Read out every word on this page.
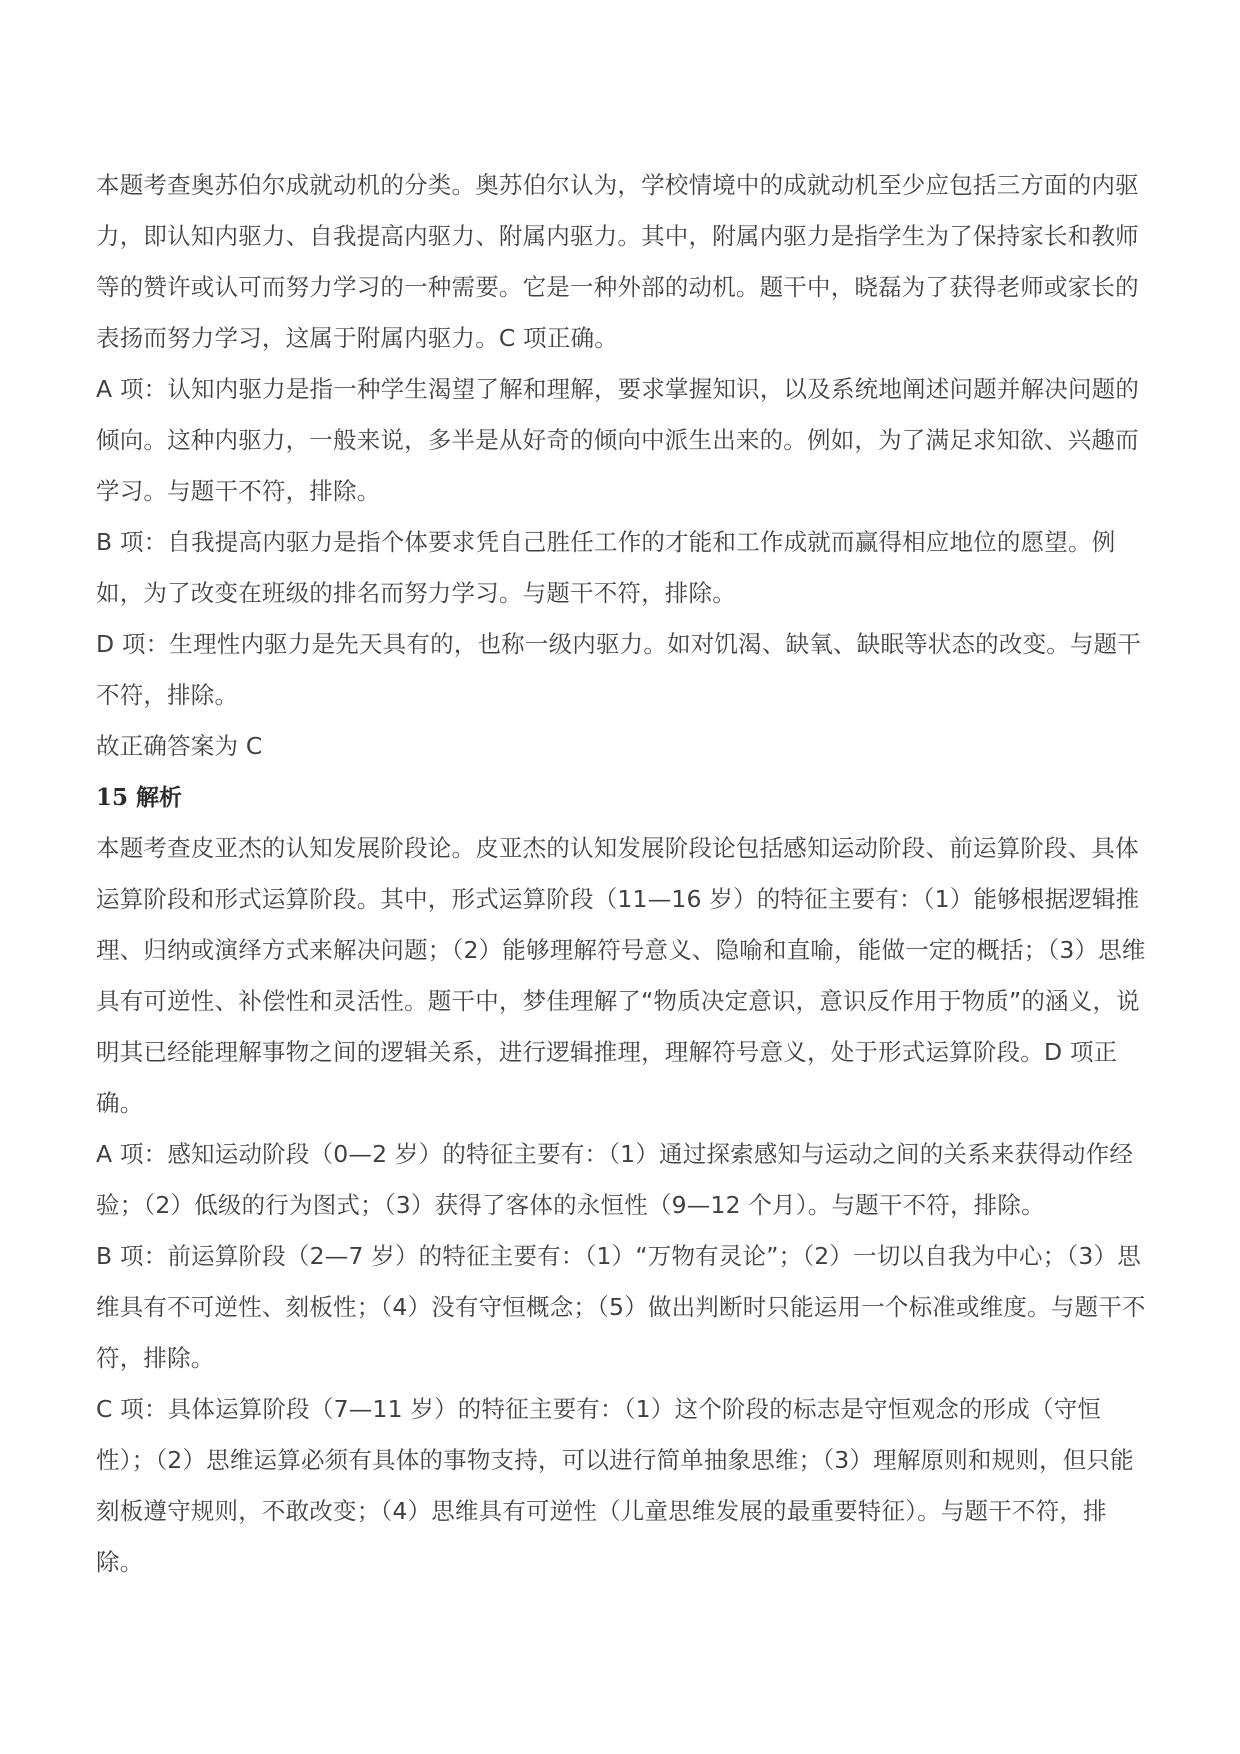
本题考查奥苏伯尔成就动机的分类。奥苏伯尔认为，学校情境中的成就动机至少应包括三方面的内驱力，即认知内驱力、自我提高内驱力、附属内驱力。其中，附属内驱力是指学生为了保持家长和教师等的赞许或认可而努力学习的一种需要。它是一种外部的动机。题干中，晓磊为了获得老师或家长的表扬而努力学习，这属于附属内驱力。C 项正确。

A 项：认知内驱力是指一种学生渴望了解和理解，要求掌握知识，以及系统地阐述问题并解决问题的倾向。这种内驱力，一般来说，多半是从好奇的倾向中派生出来的。例如，为了满足求知欲、兴趣而学习。与题干不符，排除。

B 项：自我提高内驱力是指个体要求凭自己胜任工作的才能和工作成就而赢得相应地位的愿望。例如，为了改变在班级的排名而努力学习。与题干不符，排除。

D 项：生理性内驱力是先天具有的，也称一级内驱力。如对饥渴、缺氧、缺眠等状态的改变。与题干不符，排除。

故正确答案为 C

15 解析

本题考查皮亚杰的认知发展阶段论。皮亚杰的认知发展阶段论包括感知运动阶段、前运算阶段、具体运算阶段和形式运算阶段。其中，形式运算阶段（11—16 岁）的特征主要有：（1）能够根据逻辑推理、归纳或演绎方式来解决问题；（2）能够理解符号意义、隐喻和直喻，能做一定的概括；（3）思维具有可逆性、补偿性和灵活性。题干中，梦佳理解了“物质决定意识，意识反作用于物质”的涵义，说明其已经能理解事物之间的逻辑关系，进行逻辑推理，理解符号意义，处于形式运算阶段。D 项正确。

A 项：感知运动阶段（0—2 岁）的特征主要有：（1）通过探索感知与运动之间的关系来获得动作经验；（2）低级的行为图式；（3）获得了客体的永恒性（9—12 个月）。与题干不符，排除。

B 项：前运算阶段（2—7 岁）的特征主要有：（1）“万物有灵论”；（2）一切以自我为中心；（3）思维具有不可逆性、刻板性；（4）没有守恒概念；（5）做出判断时只能运用一个标准或维度。与题干不符，排除。

C 项：具体运算阶段（7—11 岁）的特征主要有：（1）这个阶段的标志是守恒观念的形成（守恒性）；（2）思维运算必须有具体的事物支持，可以进行简单抽象思维；（3）理解原则和规则，但只能刻板遵守规则，不敢改变；（4）思维具有可逆性（儿童思维发展的最重要特征）。与题干不符，排除。
